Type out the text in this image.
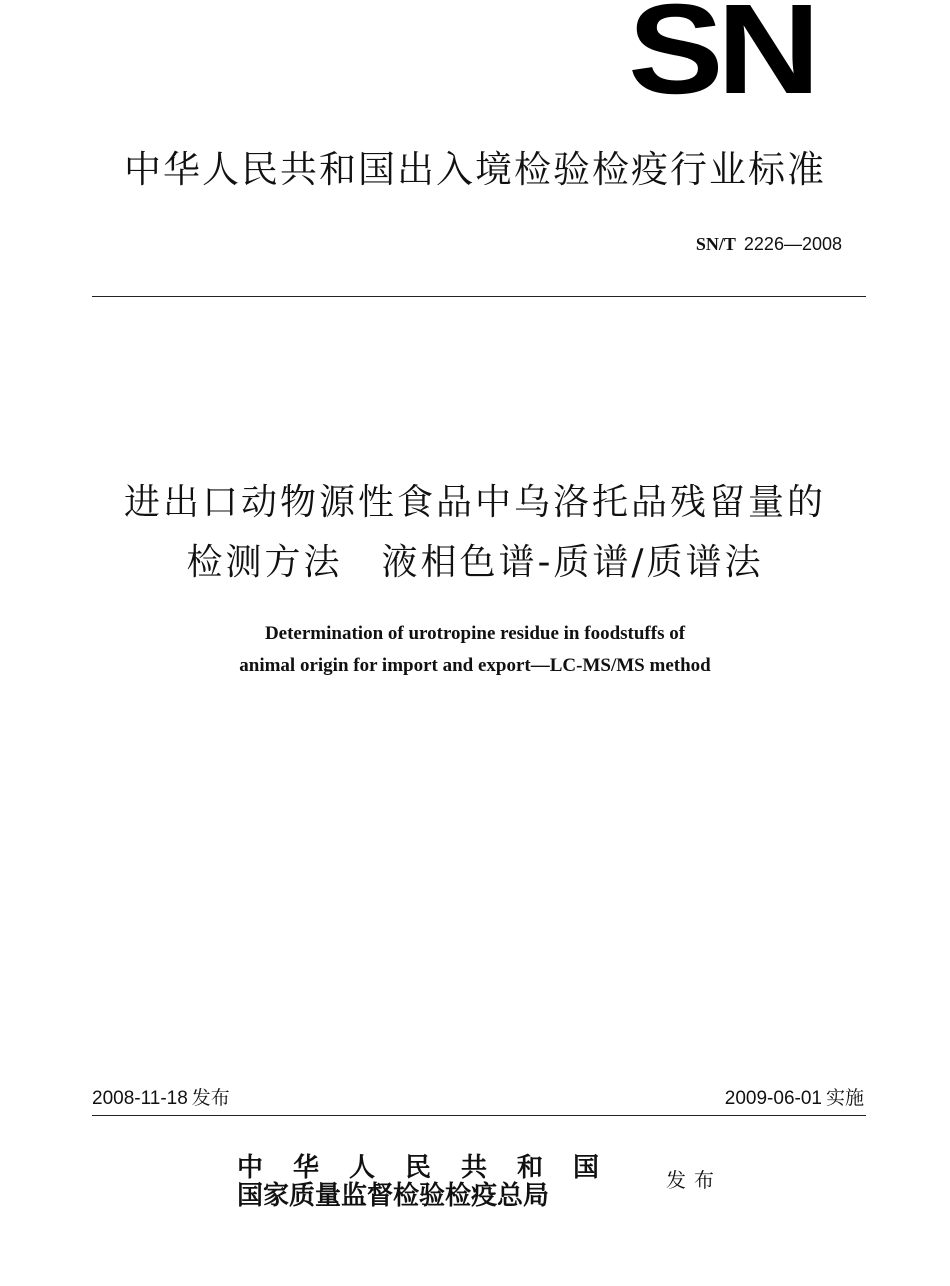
SN
中华人民共和国出入境检验检疫行业标准
SN/T 2226—2008
进出口动物源性食品中乌洛托品残留量的
检测方法　液相色谱-质谱/质谱法
Determination of urotropine residue in foodstuffs of
animal origin for import and export—LC-MS/MS method
2008-11-18 发布	2009-06-01 实施
中华人民共和国
国家质量监督检验检疫总局
发布
